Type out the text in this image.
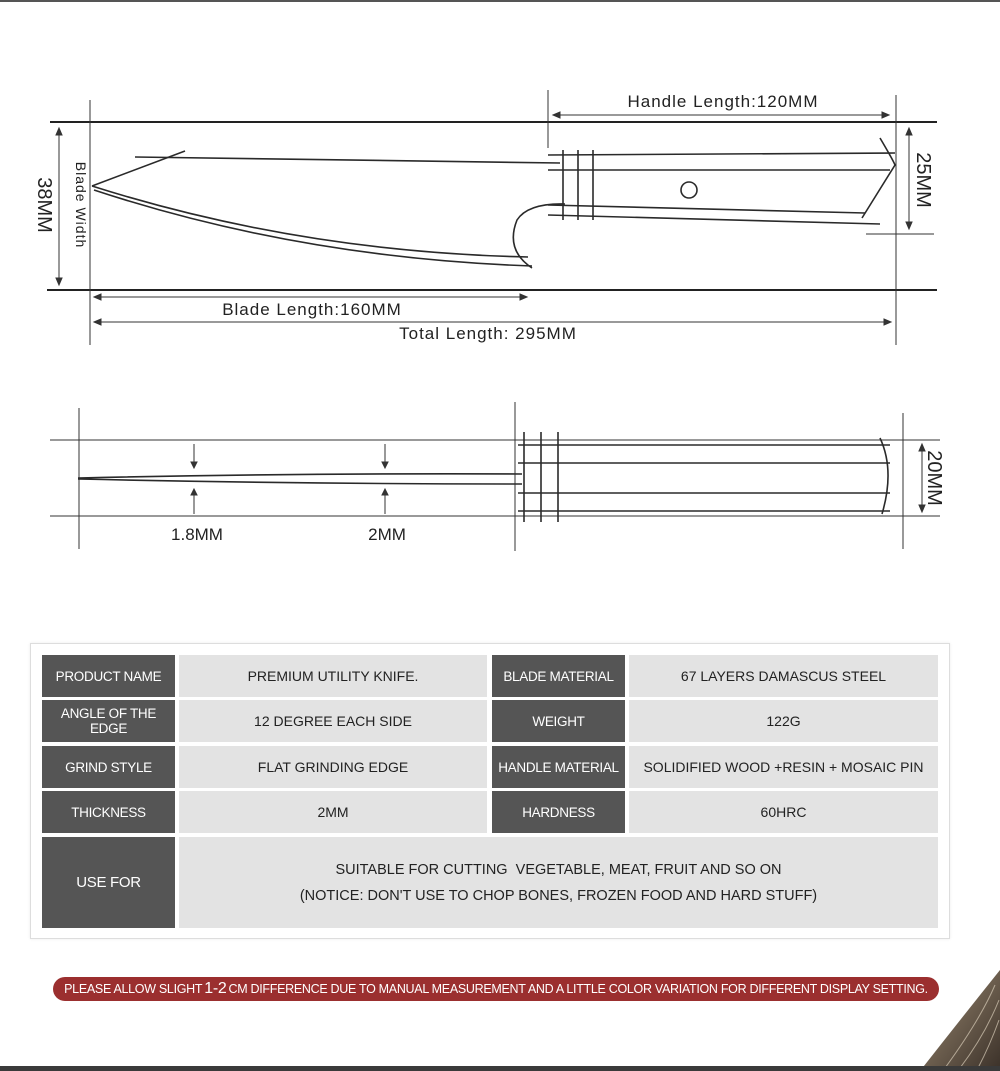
Handle Length:120MM
Blade Length:160MM
Total Length: 295MM
38MM Blade Width	25MM
1.8MM	2MM
20MM
PRODUCT NAME	PREMIUM UTILITY KNIFE.	BLADE MATERIAL	67 LAYERS DAMASCUS STEEL
ANGLE OF THE EDGE	12 DEGREE EACH SIDE	WEIGHT	122G
GRIND STYLE	FLAT GRINDING EDGE	HANDLE MATERIAL	SOLIDIFIED WOOD +RESIN + MOSAIC PIN
THICKNESS	2MM	HARDNESS	60HRC
USE FOR
SUITABLE FOR CUTTING  VEGETABLE, MEAT, FRUIT AND SO ON
(NOTICE: DON'T USE TO CHOP BONES, FROZEN FOOD AND HARD STUFF)
PLEASE ALLOW SLIGHT 1-2 CM DIFFERENCE DUE TO MANUAL MEASUREMENT AND A LITTLE COLOR VARIATION FOR DIFFERENT DISPLAY SETTING.
